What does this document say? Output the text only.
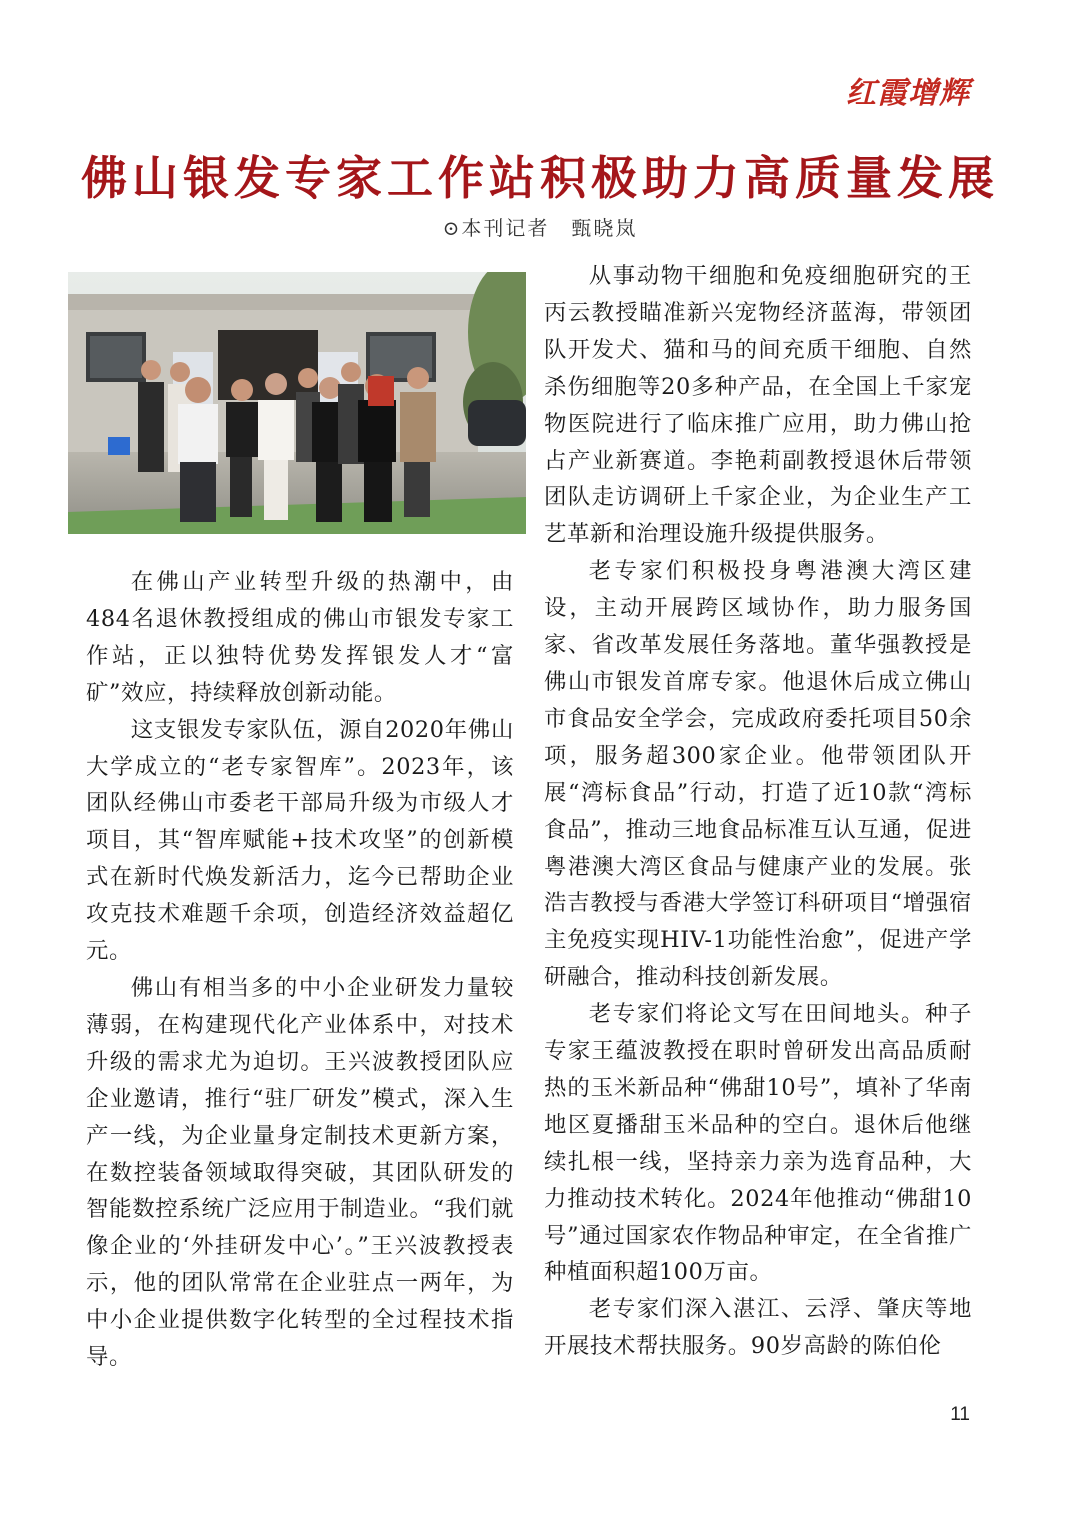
红霞增辉
佛山银发专家工作站积极助力高质量发展
⊙本刊记者 甄晓岚

在佛山产业转型升级的热潮中，由484名退休教授组成的佛山市银发专家工作站，正以独特优势发挥银发人才“富矿”效应，持续释放创新动能。

这支银发专家队伍，源自2020年佛山大学成立的“老专家智库”。2023年，该团队经佛山市委老干部局升级为市级人才项目，其“智库赋能+技术攻坚”的创新模式在新时代焕发新活力，迄今已帮助企业攻克技术难题千余项，创造经济效益超亿元。

佛山有相当多的中小企业研发力量较薄弱，在构建现代化产业体系中，对技术升级的需求尤为迫切。王兴波教授团队应企业邀请，推行“驻厂研发”模式，深入生产一线，为企业量身定制技术更新方案，在数控装备领域取得突破，其团队研发的智能数控系统广泛应用于制造业。“我们就像企业的‘外挂研发中心’。”王兴波教授表示，他的团队常常在企业驻点一两年，为中小企业提供数字化转型的全过程技术指导。

从事动物干细胞和免疫细胞研究的王丙云教授瞄准新兴宠物经济蓝海，带领团队开发犬、猫和马的间充质干细胞、自然杀伤细胞等20多种产品，在全国上千家宠物医院进行了临床推广应用，助力佛山抢占产业新赛道。李艳莉副教授退休后带领团队走访调研上千家企业，为企业生产工艺革新和治理设施升级提供服务。

老专家们积极投身粤港澳大湾区建设，主动开展跨区域协作，助力服务国家、省改革发展任务落地。董华强教授是佛山市银发首席专家。他退休后成立佛山市食品安全学会，完成政府委托项目50余项，服务超300家企业。他带领团队开展“湾标食品”行动，打造了近10款“湾标食品”，推动三地食品标准互认互通，促进粤港澳大湾区食品与健康产业的发展。张浩吉教授与香港大学签订科研项目“增强宿主免疫实现HIV-1功能性治愈”，促进产学研融合，推动科技创新发展。

老专家们将论文写在田间地头。种子专家王蕴波教授在职时曾研发出高品质耐热的玉米新品种“佛甜10号”，填补了华南地区夏播甜玉米品种的空白。退休后他继续扎根一线，坚持亲力亲为选育品种，大力推动技术转化。2024年他推动“佛甜10号”通过国家农作物品种审定，在全省推广种植面积超100万亩。

老专家们深入湛江、云浮、肇庆等地开展技术帮扶服务。90岁高龄的陈伯伦

11
